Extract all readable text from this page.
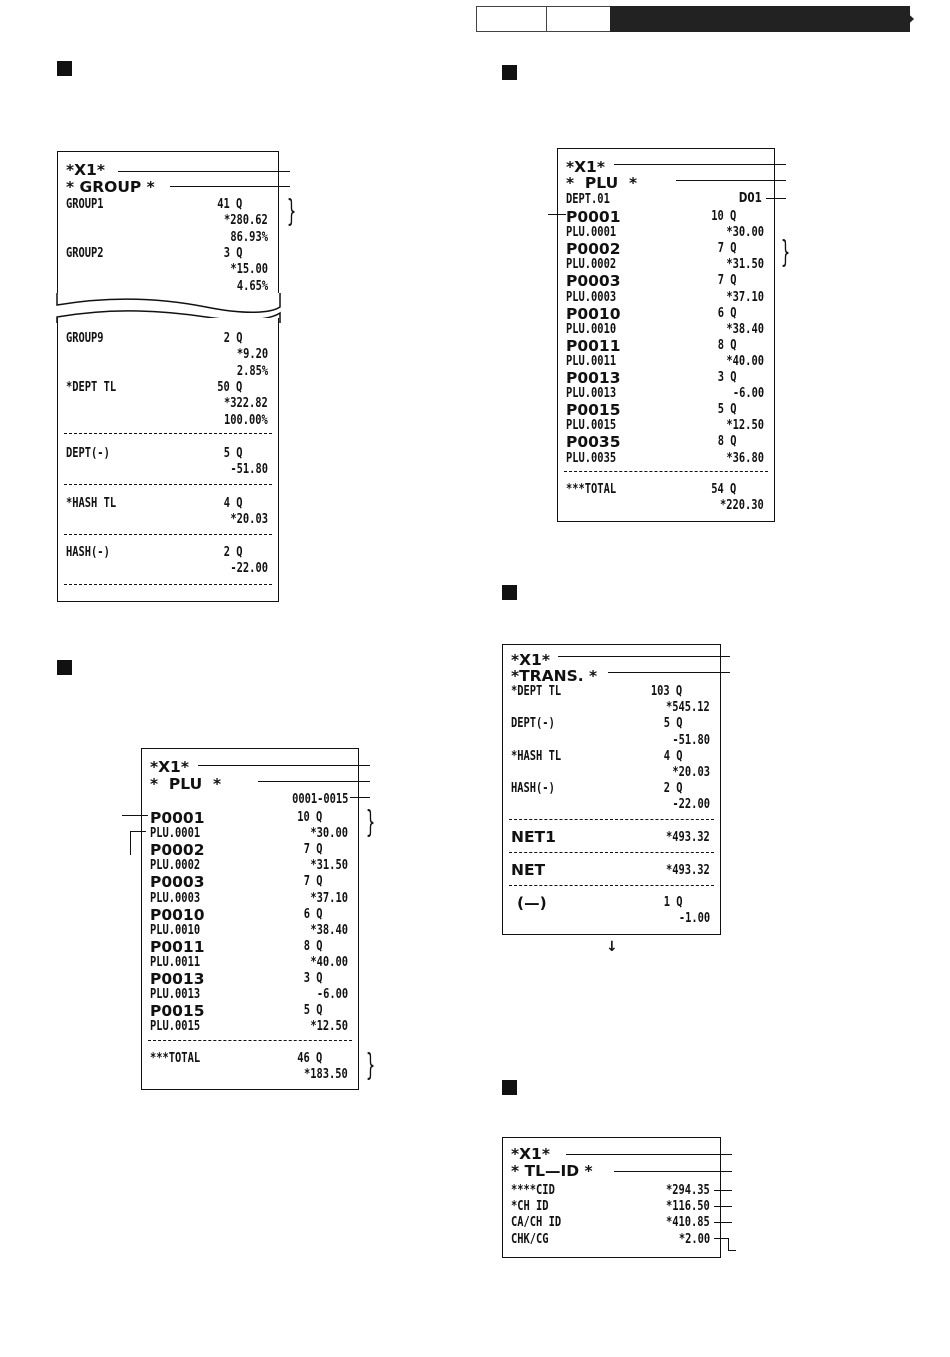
*X1*
* GROUP *
GROUP1	41 Q
*280.62
86.93%
GROUP2	3 Q
*15.00
4.65%
GROUP9	2 Q
*9.20
2.85%
*DEPT TL	50 Q
*322.82
100.00%
DEPT(-)	5 Q
-51.80
*HASH TL	4 Q
*20.03
HASH(-)	2 Q
-22.00
}
*X1*
*  PLU  *
0001-0015
P0001	10 Q
PLU.0001	*30.00
P0002	7 Q
PLU.0002	*31.50
P0003	7 Q
PLU.0003	*37.10
P0010	6 Q
PLU.0010	*38.40
P0011	8 Q
PLU.0011	*40.00
P0013	3 Q
PLU.0013	-6.00
P0015	5 Q
PLU.0015	*12.50
***TOTAL	46 Q
*183.50
}
}
*X1*
*  PLU  *
DEPT.01	D01
P0001	10 Q
PLU.0001	*30.00
P0002	7 Q
PLU.0002	*31.50
P0003	7 Q
PLU.0003	*37.10
P0010	6 Q
PLU.0010	*38.40
P0011	8 Q
PLU.0011	*40.00
P0013	3 Q
PLU.0013	-6.00
P0015	5 Q
PLU.0015	*12.50
P0035	8 Q
PLU.0035	*36.80
***TOTAL	54 Q
*220.30
}
*X1*
*TRANS. *
*DEPT TL	103 Q
*545.12
DEPT(-)	5 Q
-51.80
*HASH TL	4 Q
*20.03
HASH(-)	2 Q
-22.00
NET1	*493.32
NET	*493.32
(—)	1 Q
-1.00
↓
*X1*
* TL—ID *
****CID	*294.35
*CH ID	*116.50
CA/CH ID	*410.85
CHK/CG	*2.00
